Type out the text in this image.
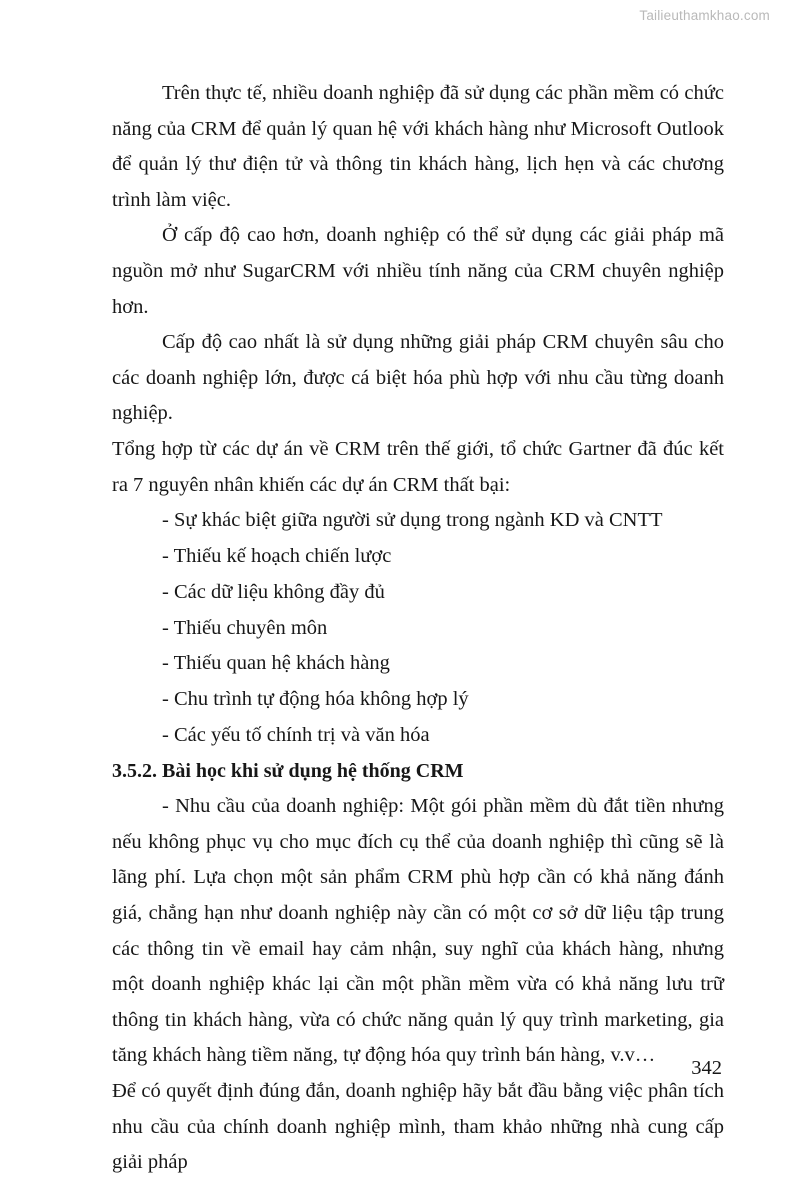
Tailieuthamkhao.com

Trên thực tế, nhiều doanh nghiệp đã sử dụng các phần mềm có chức năng của CRM để quản lý quan hệ với khách hàng như Microsoft Outlook để quản lý thư điện tử và thông tin khách hàng, lịch hẹn và các chương trình làm việc.

Ở cấp độ cao hơn, doanh nghiệp có thể sử dụng các giải pháp mã nguồn mở như SugarCRM với nhiều tính năng của CRM chuyên nghiệp hơn.

Cấp độ cao nhất là sử dụng những giải pháp CRM chuyên sâu cho các doanh nghiệp lớn, được cá biệt hóa phù hợp với nhu cầu từng doanh nghiệp.

Tổng hợp từ các dự án về CRM trên thế giới, tổ chức Gartner đã đúc kết ra 7 nguyên nhân khiến các dự án CRM thất bại:

- Sự khác biệt giữa người sử dụng trong ngành KD và CNTT
- Thiếu kế hoạch chiến lược
- Các dữ liệu không đầy đủ
- Thiếu chuyên môn
- Thiếu quan hệ khách hàng
- Chu trình tự động hóa không hợp lý
- Các yếu tố chính trị và văn hóa
3.5.2. Bài học khi sử dụng hệ thống CRM

- Nhu cầu của doanh nghiệp: Một gói phần mềm dù đắt tiền nhưng nếu không phục vụ cho mục đích cụ thể của doanh nghiệp thì cũng sẽ là lãng phí. Lựa chọn một sản phẩm CRM phù hợp cần có khả năng đánh giá, chẳng hạn như doanh nghiệp này cần có một cơ sở dữ liệu tập trung các thông tin về email hay cảm nhận, suy nghĩ của khách hàng, nhưng một doanh nghiệp khác lại cần một phần mềm vừa có khả năng lưu trữ thông tin khách hàng, vừa có chức năng quản lý quy trình marketing, gia tăng khách hàng tiềm năng, tự động hóa quy trình bán hàng, v.v…

Để có quyết định đúng đắn, doanh nghiệp hãy bắt đầu bằng việc phân tích nhu cầu của chính doanh nghiệp mình, tham khảo những nhà cung cấp giải pháp

342
